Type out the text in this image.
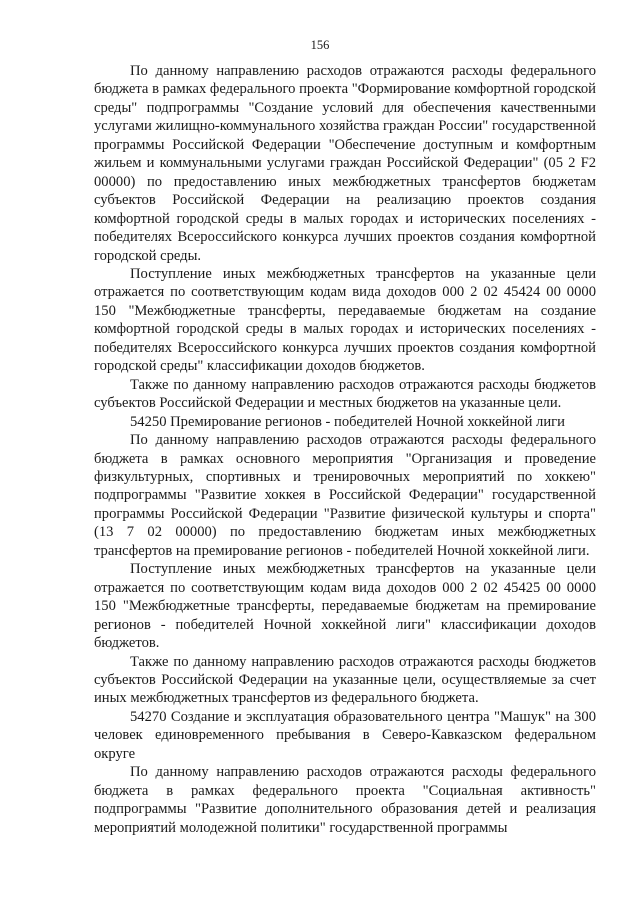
156

По данному направлению расходов отражаются расходы федерального бюджета в рамках федерального проекта "Формирование комфортной городской среды" подпрограммы "Создание условий для обеспечения качественными услугами жилищно-коммунального хозяйства граждан России" государственной программы Российской Федерации "Обеспечение доступным и комфортным жильем и коммунальными услугами граждан Российской Федерации" (05 2 F2 00000) по предоставлению иных межбюджетных трансфертов бюджетам субъектов Российской Федерации на реализацию проектов создания комфортной городской среды в малых городах и исторических поселениях - победителях Всероссийского конкурса лучших проектов создания комфортной городской среды.

Поступление иных межбюджетных трансфертов на указанные цели отражается по соответствующим кодам вида доходов 000 2 02 45424 00 0000 150 "Межбюджетные трансферты, передаваемые бюджетам на создание комфортной городской среды в малых городах и исторических поселениях - победителях Всероссийского конкурса лучших проектов создания комфортной городской среды" классификации доходов бюджетов.

Также по данному направлению расходов отражаются расходы бюджетов субъектов Российской Федерации и местных бюджетов на указанные цели.

54250 Премирование регионов - победителей Ночной хоккейной лиги

По данному направлению расходов отражаются расходы федерального бюджета в рамках основного мероприятия "Организация и проведение физкультурных, спортивных и тренировочных мероприятий по хоккею" подпрограммы "Развитие хоккея в Российской Федерации" государственной программы Российской Федерации "Развитие физической культуры и спорта" (13 7 02 00000) по предоставлению бюджетам иных межбюджетных трансфертов на премирование регионов - победителей Ночной хоккейной лиги.

Поступление иных межбюджетных трансфертов на указанные цели отражается по соответствующим кодам вида доходов 000 2 02 45425 00 0000 150 "Межбюджетные трансферты, передаваемые бюджетам на премирование регионов - победителей Ночной хоккейной лиги" классификации доходов бюджетов.

Также по данному направлению расходов отражаются расходы бюджетов субъектов Российской Федерации на указанные цели, осуществляемые за счет иных межбюджетных трансфертов из федерального бюджета.

54270 Создание и эксплуатация образовательного центра "Машук" на 300 человек единовременного пребывания в Северо-Кавказском федеральном округе

По данному направлению расходов отражаются расходы федерального бюджета в рамках федерального проекта "Социальная активность" подпрограммы "Развитие дополнительного образования детей и реализация мероприятий молодежной политики" государственной программы
